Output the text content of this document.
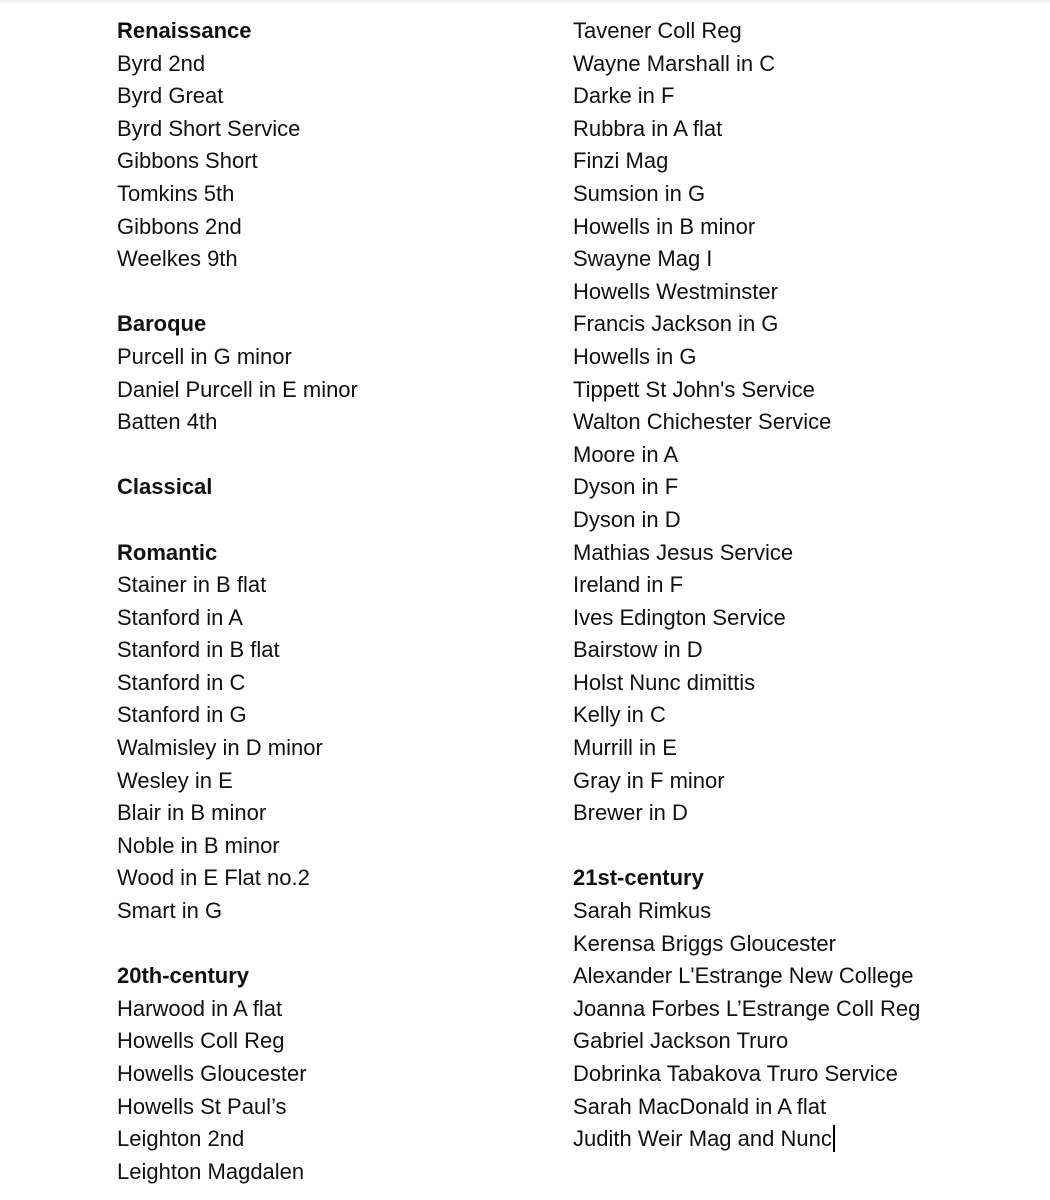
Renaissance
Byrd 2nd
Byrd Great
Byrd Short Service
Gibbons Short
Tomkins 5th
Gibbons 2nd
Weelkes 9th
Baroque
Purcell in G minor
Daniel Purcell in E minor
Batten 4th
Classical
Romantic
Stainer in B flat
Stanford in A
Stanford in B flat
Stanford in C
Stanford in G
Walmisley in D minor
Wesley in E
Blair in B minor
Noble in B minor
Wood in E Flat no.2
Smart in G
20th-century
Harwood in A flat
Howells Coll Reg
Howells Gloucester
Howells St Paul’s
Leighton 2nd
Leighton Magdalen
Tavener Coll Reg
Wayne Marshall in C
Darke in F
Rubbra in A flat
Finzi Mag
Sumsion in G
Howells in B minor
Swayne Mag I
Howells Westminster
Francis Jackson in G
Howells in G
Tippett St John's Service
Walton Chichester Service
Moore in A
Dyson in F
Dyson in D
Mathias Jesus Service
Ireland in F
Ives Edington Service
Bairstow in D
Holst Nunc dimittis
Kelly in C
Murrill in E
Gray in F minor
Brewer in D
21st-century
Sarah Rimkus
Kerensa Briggs Gloucester
Alexander L'Estrange New College
Joanna Forbes L’Estrange Coll Reg
Gabriel Jackson Truro
Dobrinka Tabakova Truro Service
Sarah MacDonald in A flat
Judith Weir Mag and Nunc
